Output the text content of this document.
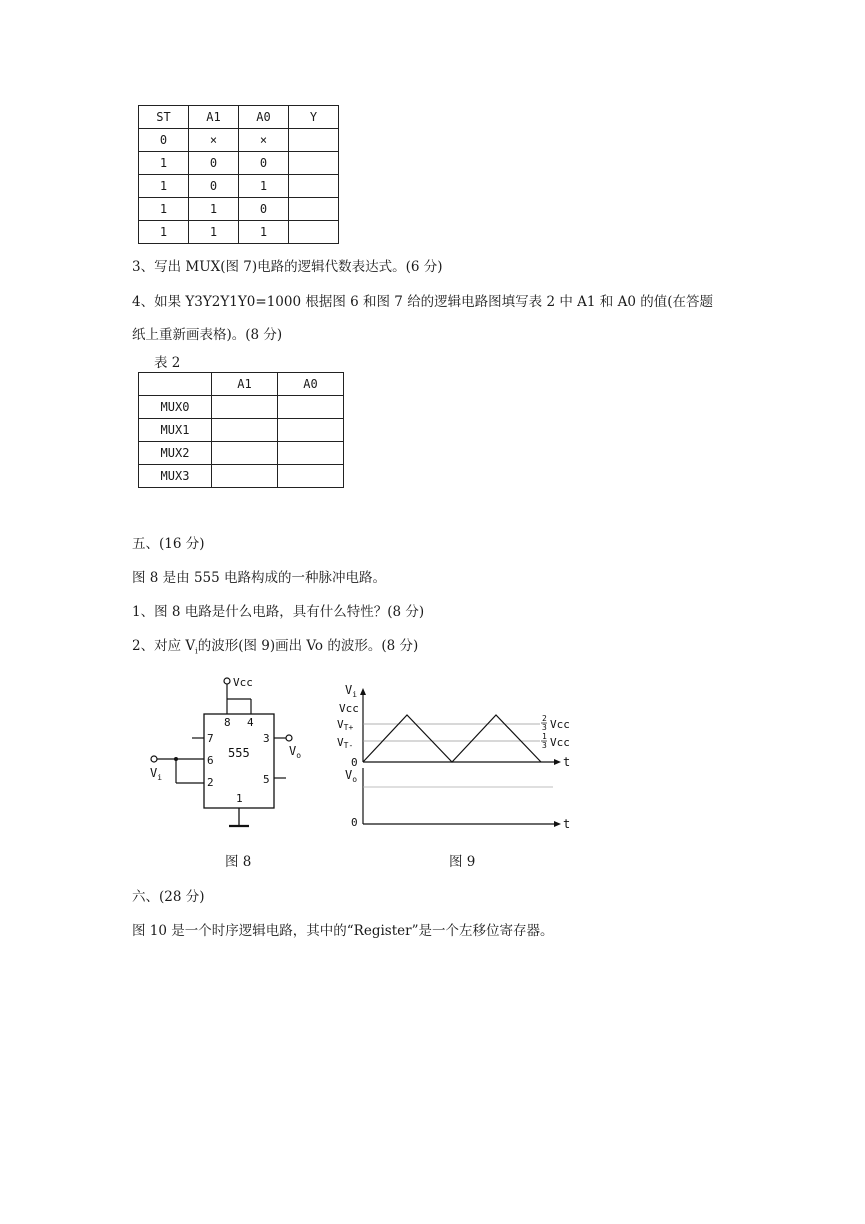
ST	A1	A0	Y
0	×	×	
1	0	0	
1	0	1	
1	1	0	
1	1	1	
3、写出 MUX(图 7)电路的逻辑代数表达式。(6 分)
4、如果 Y3Y2Y1Y0=1000 根据图 6 和图 7 给的逻辑电路图填写表 2 中 A1 和 A0 的值(在答题
纸上重新画表格)。(8 分)
表 2
	A1	A0
MUX0		
MUX1		
MUX2		
MUX3		
五、(16 分)
图 8 是由 555 电路构成的一种脉冲电路。
1、图 8 电路是什么电路，具有什么特性？(8 分)
2、对应 $V_i$的波形(图 9)画出 Vo 的波形。(8 分)
Vcc
555
8 4
7	3
6
2	5
1
$V_o$
$V_i$
$V_i$
t
Vcc
VT+
VT-
0
2
3 Vcc
1
3 Vcc
$V_o$
t
0
图 8	图 9
六、(28 分)
图 10 是一个时序逻辑电路，其中的“Register”是一个左移位寄存器。
